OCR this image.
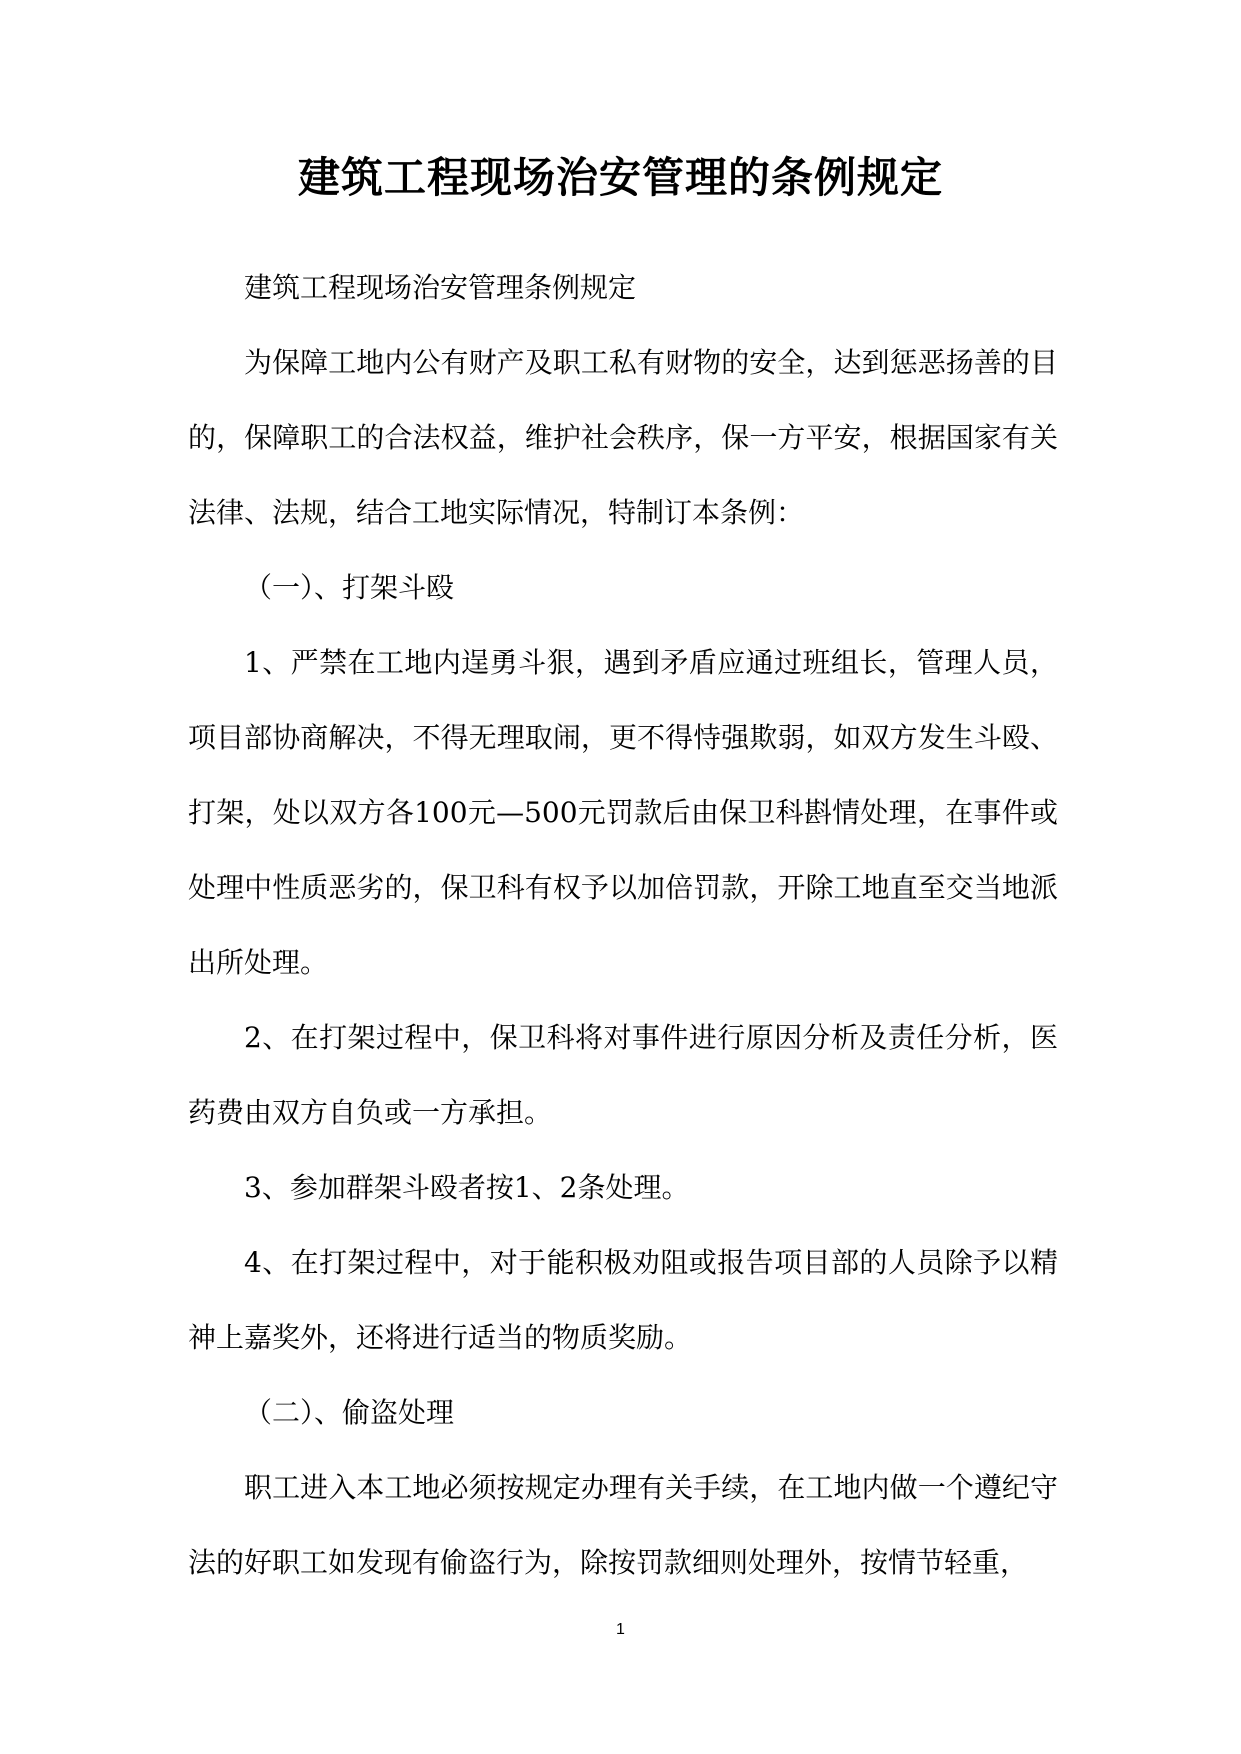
建筑工程现场治安管理的条例规定

建筑工程现场治安管理条例规定

为保障工地内公有财产及职工私有财物的安全，达到惩恶扬善的目的，保障职工的合法权益，维护社会秩序，保一方平安，根据国家有关法律、法规，结合工地实际情况，特制订本条例：

（一）、打架斗殴

1、严禁在工地内逞勇斗狠，遇到矛盾应通过班组长，管理人员，项目部协商解决，不得无理取闹，更不得恃强欺弱，如双方发生斗殴、打架，处以双方各100元—500元罚款后由保卫科斟情处理，在事件或处理中性质恶劣的，保卫科有权予以加倍罚款，开除工地直至交当地派出所处理。

2、在打架过程中，保卫科将对事件进行原因分析及责任分析，医药费由双方自负或一方承担。

3、参加群架斗殴者按1、2条处理。

4、在打架过程中，对于能积极劝阻或报告项目部的人员除予以精神上嘉奖外，还将进行适当的物质奖励。

（二）、偷盗处理

职工进入本工地必须按规定办理有关手续，在工地内做一个遵纪守法的好职工如发现有偷盗行为，除按罚款细则处理外，按情节轻重，

1
